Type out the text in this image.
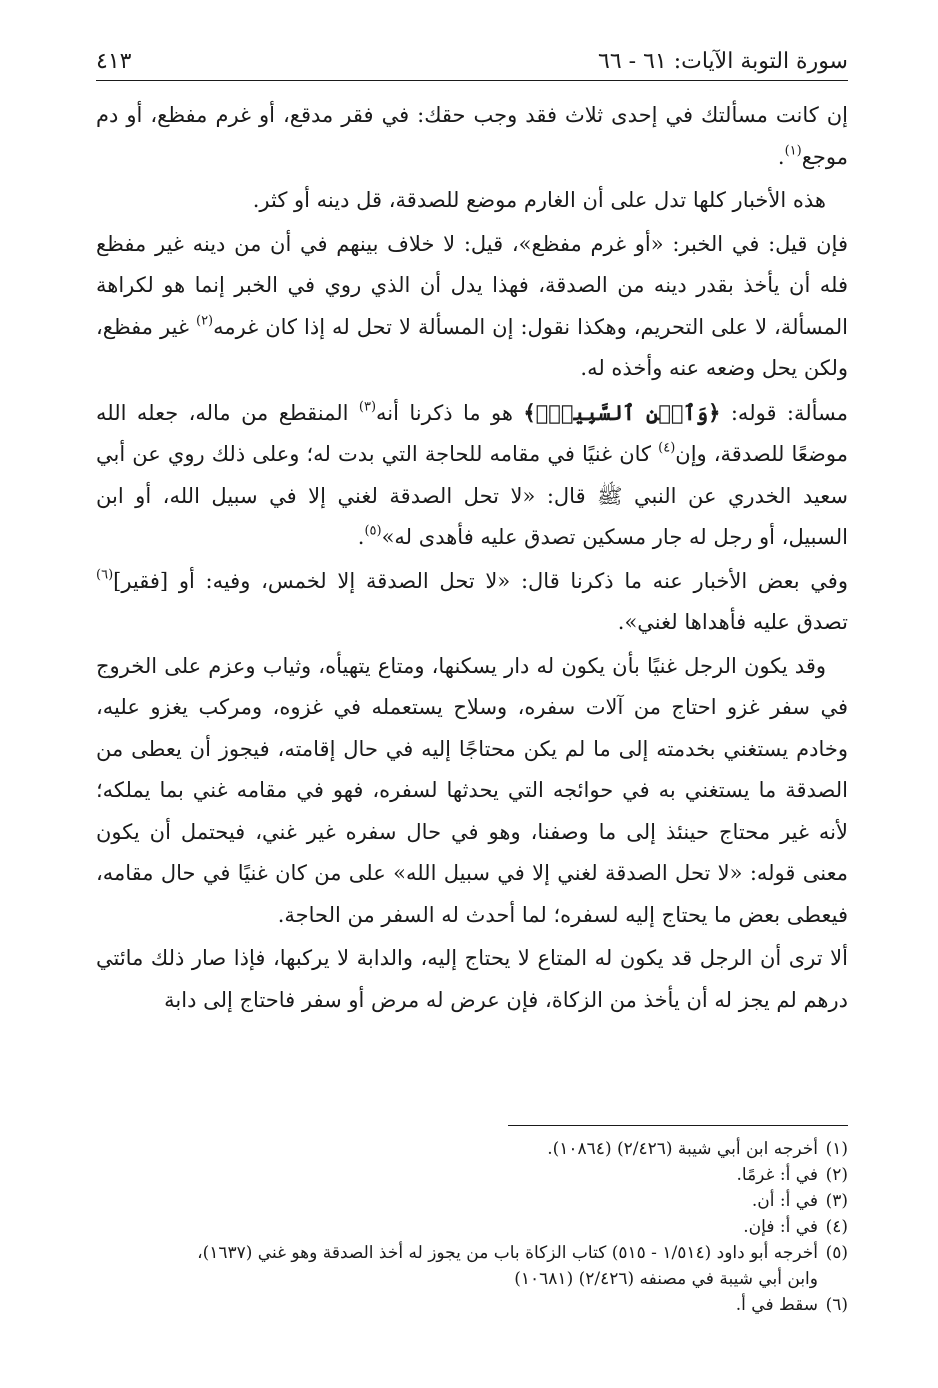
سورة التوبة الآيات: ٦١ - ٦٦
٤١٣

إن كانت مسألتك في إحدى ثلاث فقد وجب حقك: في فقر مدقع، أو غرم مفظع، أو دم موجع$^{(١)}$.

هذه الأخبار كلها تدل على أن الغارم موضع للصدقة، قل دينه أو كثر.

فإن قيل: في الخبر: «أو غرم مفظع»، قيل: لا خلاف بينهم في أن من دينه غير مفظع فله أن يأخذ بقدر دينه من الصدقة، فهذا يدل أن الذي روي في الخبر إنما هو لكراهة المسألة، لا على التحريم، وهكذا نقول: إن المسألة لا تحل له إذا كان غرمه$^{(٢)}$ غير مفظع، ولكن يحل وضعه عنه وأخذه له.

مسألة: قوله: ﴿وَٱبۡنِ ٱلسَّبِيلِۖ﴾ هو ما ذكرنا أنه$^{(٣)}$ المنقطع من ماله، جعله الله موضعًا للصدقة، وإن$^{(٤)}$ كان غنيًا في مقامه للحاجة التي بدت له؛ وعلى ذلك روي عن أبي سعيد الخدري عن النبي ﷺ قال: «لا تحل الصدقة لغني إلا في سبيل الله، أو ابن السبيل، أو رجل له جار مسكين تصدق عليه فأهدى له»$^{(٥)}$.

وفي بعض الأخبار عنه ما ذكرنا قال: «لا تحل الصدقة إلا لخمس، وفيه: أو [فقير]$^{(٦)}$ تصدق عليه فأهداها لغني».

وقد يكون الرجل غنيًا بأن يكون له دار يسكنها، ومتاع يتهيأه، وثياب وعزم على الخروج في سفر غزو احتاج من آلات سفره، وسلاح يستعمله في غزوه، ومركب يغزو عليه، وخادم يستغني بخدمته إلى ما لم يكن محتاجًا إليه في حال إقامته، فيجوز أن يعطى من الصدقة ما يستغني به في حوائجه التي يحدثها لسفره، فهو في مقامه غني بما يملكه؛ لأنه غير محتاج حينئذ إلى ما وصفنا، وهو في حال سفره غير غني، فيحتمل أن يكون معنى قوله: «لا تحل الصدقة لغني إلا في سبيل الله» على من كان غنيًا في حال مقامه، فيعطى بعض ما يحتاج إليه لسفره؛ لما أحدث له السفر من الحاجة.

ألا ترى أن الرجل قد يكون له المتاع لا يحتاج إليه، والدابة لا يركبها، فإذا صار ذلك مائتي درهم لم يجز له أن يأخذ من الزكاة، فإن عرض له مرض أو سفر فاحتاج إلى دابة

(١)
أخرجه ابن أبي شيبة (٢/٤٢٦) (١٠٨٦٤).
(٢)
في أ: غرمًا.
(٣)
في أ: أن.
(٤)
في أ: فإن.
(٥)
أخرجه أبو داود (١/٥١٤ - ٥١٥) كتاب الزكاة باب من يجوز له أخذ الصدقة وهو غني (١٦٣٧)،
وابن أبي شيبة في مصنفه (٢/٤٢٦) (١٠٦٨١)
(٦)
سقط في أ.
